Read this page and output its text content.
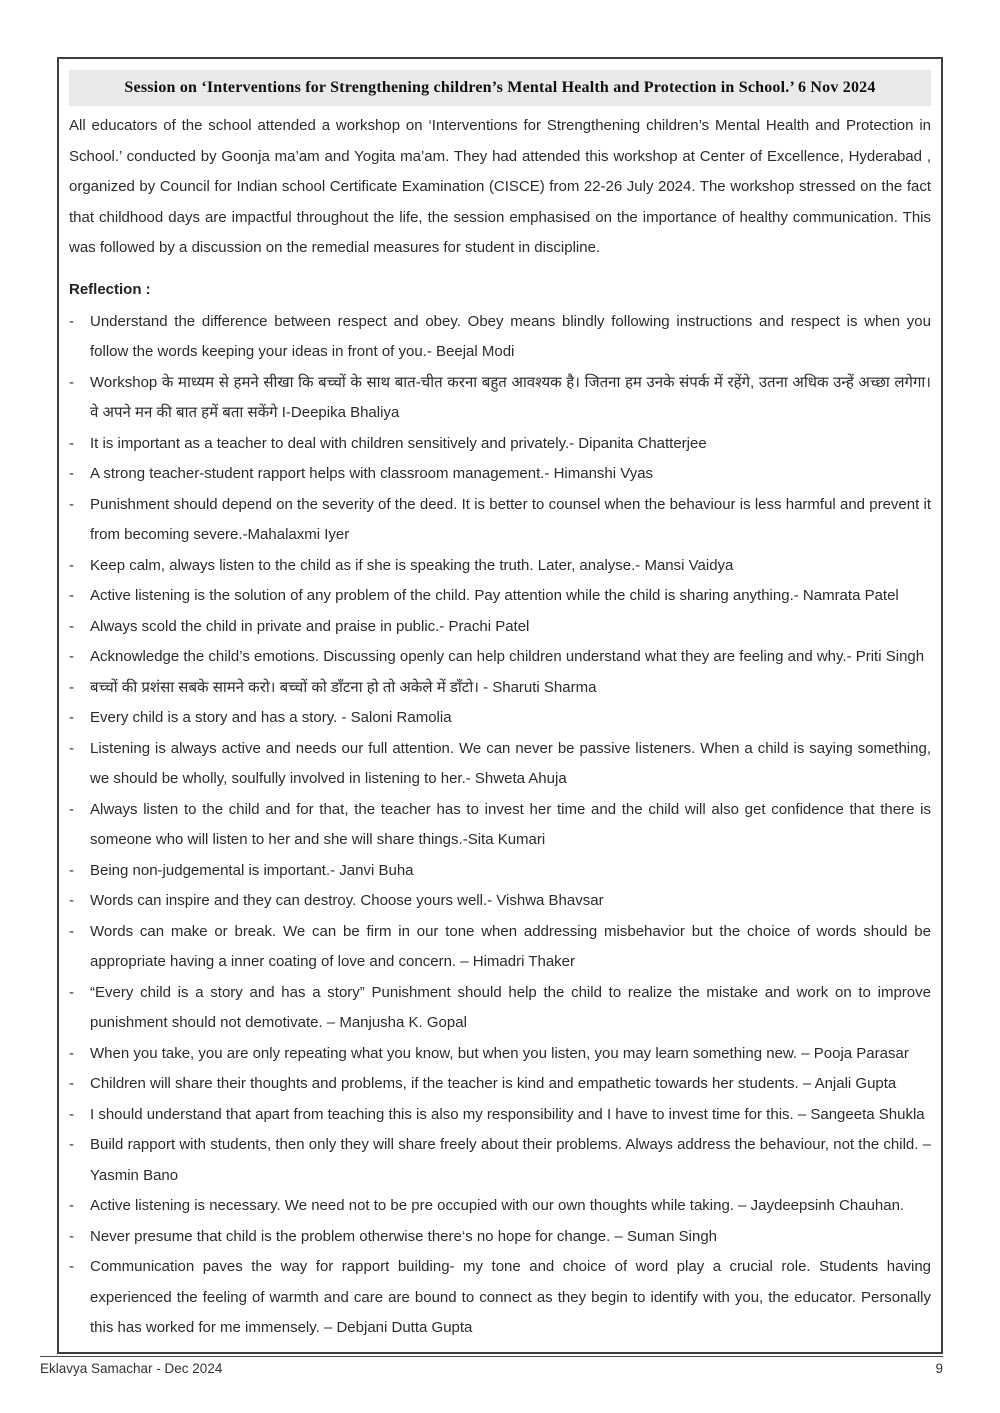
Session on ‘Interventions for Strengthening children’s Mental Health and Protection in School.’ 6 Nov 2024

All educators of the school attended a workshop on ‘Interventions for Strengthening children’s Mental Health and Protection in School.’ conducted by Goonja ma’am and Yogita ma’am. They had attended this workshop at Center of Excellence, Hyderabad , organized by Council for Indian school Certificate Examination (CISCE) from 22-26 July 2024. The workshop stressed on the fact that childhood days are impactful throughout the life, the session emphasised on the importance of healthy communication. This was followed by a discussion on the remedial measures for student in discipline.

Reflection :
-	Understand the difference between respect and obey. Obey means blindly following instructions and respect is when you follow the words keeping your ideas in front of you.- Beejal Modi
-	Workshop के माध्यम से हमने सीखा कि बच्चों के साथ बात-चीत करना बहुत आवश्यक है। जितना हम उनके संपर्क में रहेंगे, उतना अधिक उन्हें अच्छा लगेगा। वे अपने मन की बात हमें बता सकेंगे I-Deepika Bhaliya
-	It is important as a teacher to deal with children sensitively and privately.- Dipanita Chatterjee
-	A strong teacher-student rapport helps with classroom management.- Himanshi Vyas
-	Punishment should depend on the severity of the deed. It is better to counsel when the behaviour is less harmful and prevent it from becoming severe.-Mahalaxmi Iyer
-	Keep calm, always listen to the child as if she is speaking the truth. Later, analyse.- Mansi Vaidya
-	Active listening is the solution of any problem of the child. Pay attention while the child is sharing anything.- Namrata Patel
-	Always scold the child in private and praise in public.- Prachi Patel
-	Acknowledge the child’s emotions. Discussing openly can help children understand what they are feeling and why.- Priti Singh
-	बच्चों की प्रशंसा सबके सामने करो। बच्चों को डाँटना हो तो अकेले में डाँटो। - Sharuti Sharma
-	Every child is a story and has a story. - Saloni Ramolia
-	Listening is always active and needs our full attention. We can never be passive listeners. When a child is saying something, we should be wholly, soulfully involved in listening to her.- Shweta Ahuja
-	Always listen to the child and for that, the teacher has to invest her time and the child will also get confidence that there is someone who will listen to her and she will share things.-Sita Kumari
-	Being non-judgemental is important.- Janvi Buha
-	Words can inspire and they can destroy. Choose yours well.- Vishwa Bhavsar
-	Words can make or break. We can be firm in our tone when addressing misbehavior but the choice of words should be appropriate having a inner coating of love and concern. – Himadri Thaker
-	“Every child is a story and has a story” Punishment should help the child to realize the mistake and work on to improve punishment should not demotivate. – Manjusha K. Gopal
-	When you take, you are only repeating what you know, but when you listen, you may learn something new. – Pooja Parasar
-	Children will share their thoughts and problems, if the teacher is kind and empathetic towards her students. – Anjali Gupta
-	I should understand that apart from teaching this is also my responsibility and I have to invest time for this. – Sangeeta Shukla
-	Build rapport with students, then only they will share freely about their problems. Always address the behaviour, not the child. – Yasmin Bano
-	Active listening is necessary. We need not to be pre occupied with our own thoughts while taking. – Jaydeepsinh Chauhan.
-	Never presume that child is the problem otherwise there‘s no hope for change. – Suman Singh
-	Communication paves the way for rapport building- my tone and choice of word play a crucial role. Students having experienced the feeling of warmth and care are bound to connect as they begin to identify with you, the educator. Personally this has worked for me immensely. – Debjani Dutta Gupta
Eklavya Samachar - Dec 2024	9
